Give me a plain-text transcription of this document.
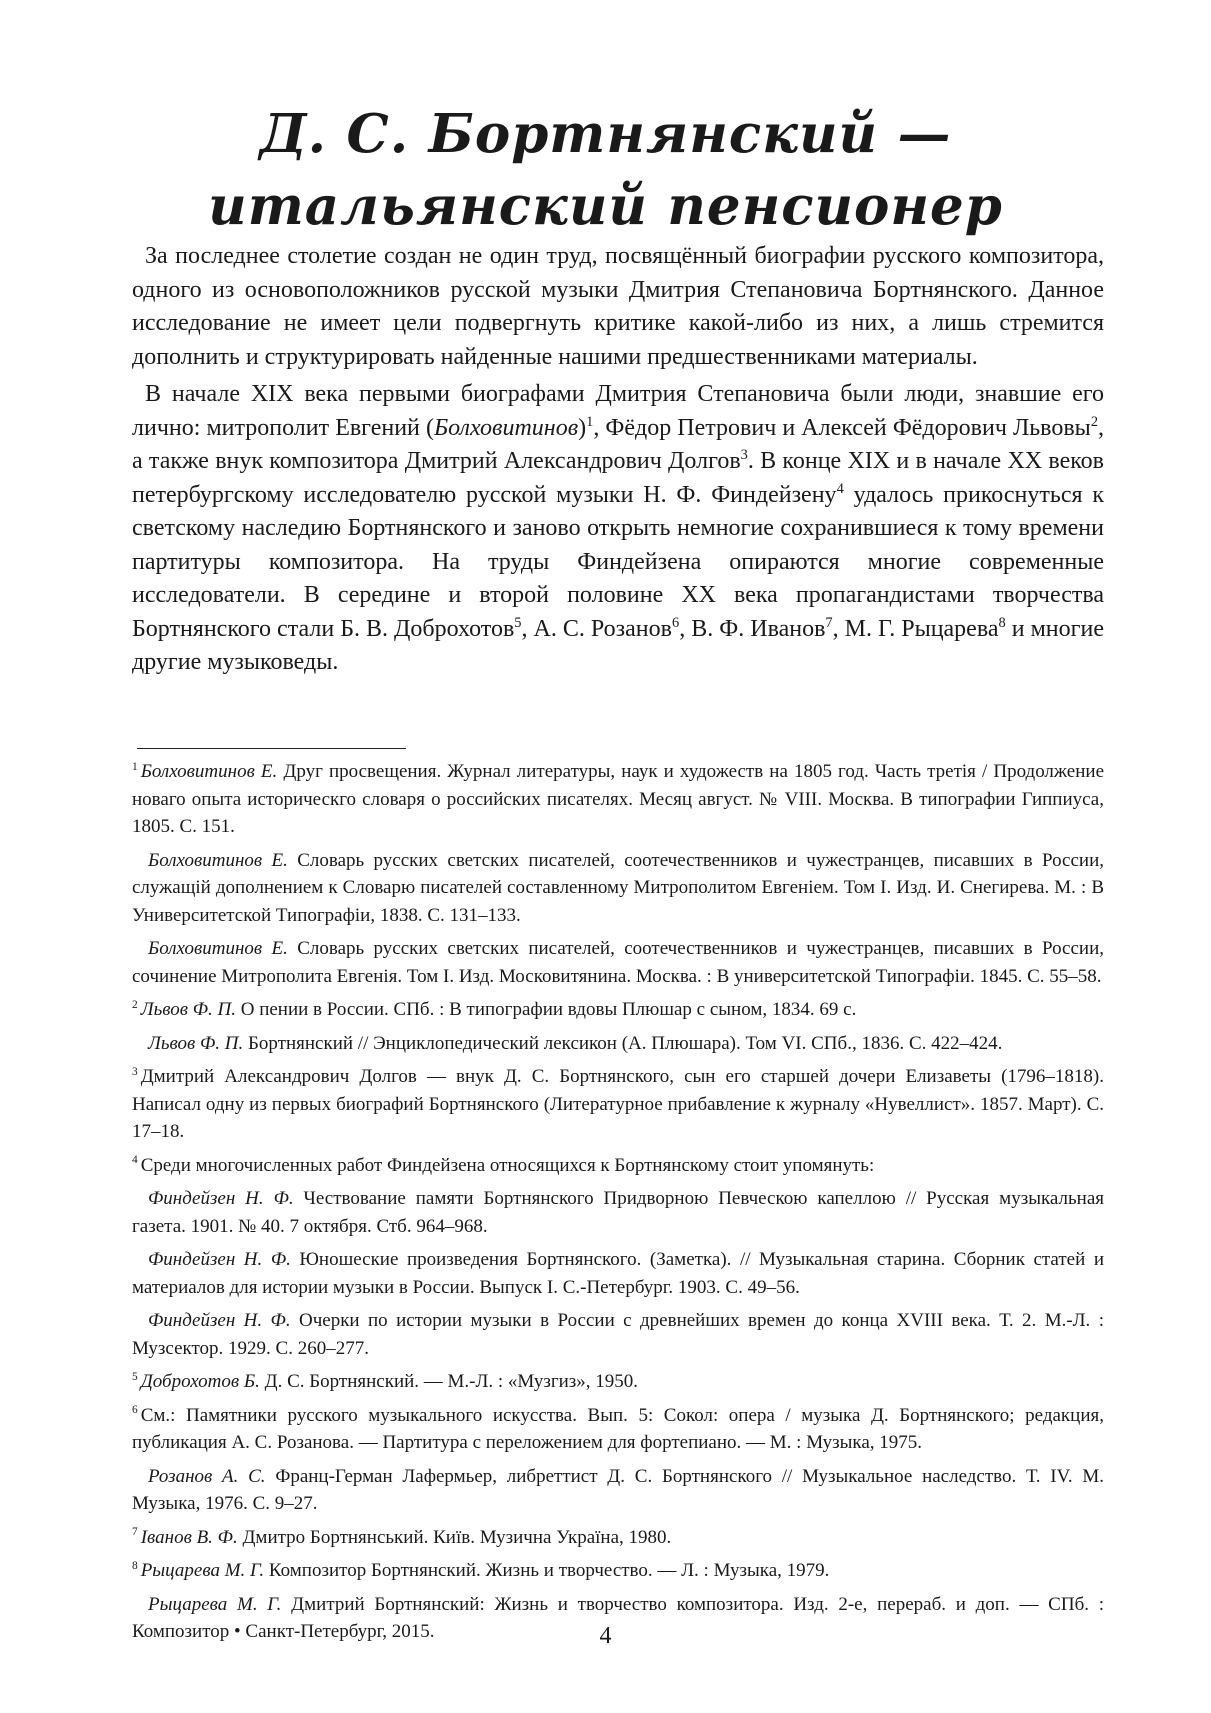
Д. С. Бортнянский —
итальянский пенсионер

За последнее столетие создан не один труд, посвящённый биографии русского композитора, одного из основоположников русской музыки Дмитрия Степановича Бортнянского. Данное исследование не имеет цели подвергнуть критике какой-либо из них, а лишь стремится дополнить и структурировать найденные нашими предшественниками материалы.

В начале XIX века первыми биографами Дмитрия Степановича были люди, знавшие его лично: митрополит Евгений (Болховитинов)$^1$, Фёдор Петрович и Алексей Фёдорович Львовы$^2$, а также внук композитора Дмитрий Александрович Долгов$^3$. В конце XIX и в начале XX веков петербургскому исследователю русской музыки Н. Ф. Финдейзену$^4$ удалось прикоснуться к светскому наследию Бортнянского и заново открыть немногие сохранившиеся к тому времени партитуры композитора. На труды Финдейзена опираются многие современные исследователи. В середине и второй половине XX века пропагандистами творчества Бортнянского стали Б. В. Доброхотов$^5$, А. С. Розанов$^6$, В. Ф. Иванов$^7$, М. Г. Рыцарева$^8$ и многие другие музыковеды.

$^1$ Болховитинов Е. Друг просвещения. Журнал литературы, наук и художеств на 1805 год. Часть третія / Продолжение новаго опыта историческго словаря о российских писателях. Месяц август. № VIII. Москва. В типографии Гиппиуса, 1805. С. 151.

Болховитинов Е. Словарь русских светских писателей, соотечественников и чужестранцев, писавших в России, служащій дополнением к Словарю писателей составленному Митрополитом Евгеніем. Том I. Изд. И. Снегирева. М. : В Университетской Типографіи, 1838. С. 131–133.

Болховитинов Е. Словарь русских светских писателей, соотечественников и чужестранцев, писавших в России, сочинение Митрополита Евгенія. Том I. Изд. Московитянина. Москва. : В университетской Типографіи. 1845. С. 55–58.

$^2$ Львов Ф. П. О пении в России. СПб. : В типографии вдовы Плюшар с сыном, 1834. 69 с.

Львов Ф. П. Бортнянский // Энциклопедический лексикон (А. Плюшара). Том VI. СПб., 1836. С. 422–424.

$^3$ Дмитрий Александрович Долгов — внук Д. С. Бортнянского, сын его старшей дочери Елизаветы (1796–1818). Написал одну из первых биографий Бортнянского (Литературное прибавление к журналу «Нувеллист». 1857. Март). С. 17–18.

$^4$ Среди многочисленных работ Финдейзена относящихся к Бортнянскому стоит упомянуть:

Финдейзен Н. Ф. Чествование памяти Бортнянского Придворною Певческою капеллою // Русская музыкальная газета. 1901. № 40. 7 октября. Стб. 964–968.

Финдейзен Н. Ф. Юношеские произведения Бортнянского. (Заметка). // Музыкальная старина. Сборник статей и материалов для истории музыки в России. Выпуск I. С.-Петербург. 1903. С. 49–56.

Финдейзен Н. Ф. Очерки по истории музыки в России с древнейших времен до конца XVIII века. Т. 2. М.-Л. : Музсектор. 1929. С. 260–277.

$^5$ Доброхотов Б. Д. С. Бортнянский. — М.-Л. : «Музгиз», 1950.

$^6$ См.: Памятники русского музыкального искусства. Вып. 5: Сокол: опера / музыка Д. Бортнянского; редакция, публикация А. С. Розанова. — Партитура с переложением для фортепиано. — М. : Музыка, 1975.

Розанов А. С. Франц-Герман Лафермьер, либреттист Д. С. Бортнянского // Музыкальное наследство. Т. IV. М. Музыка, 1976. С. 9–27.

$^7$ Іванов В. Ф. Дмитро Бортнянський. Київ. Музична Україна, 1980.

$^8$ Рыцарева М. Г. Композитор Бортнянский. Жизнь и творчество. — Л. : Музыка, 1979.

Рыцарева М. Г. Дмитрий Бортнянский: Жизнь и творчество композитора. Изд. 2-е, перераб. и доп. — СПб. : Композитор • Санкт-Петербург, 2015.	4
